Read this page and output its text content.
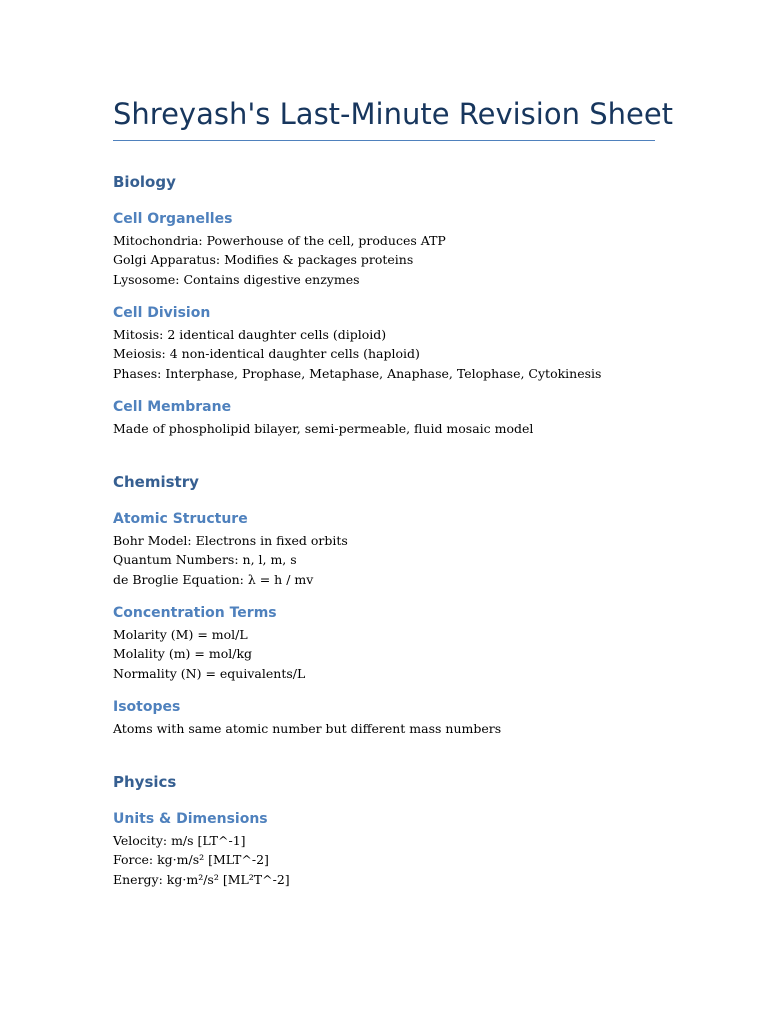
Shreyash's Last-Minute Revision Sheet
Biology
Cell Organelles
Mitochondria: Powerhouse of the cell, produces ATP
Golgi Apparatus: Modifies & packages proteins
Lysosome: Contains digestive enzymes
Cell Division
Mitosis: 2 identical daughter cells (diploid)
Meiosis: 4 non-identical daughter cells (haploid)
Phases: Interphase, Prophase, Metaphase, Anaphase, Telophase, Cytokinesis
Cell Membrane
Made of phospholipid bilayer, semi-permeable, fluid mosaic model
Chemistry
Atomic Structure
Bohr Model: Electrons in fixed orbits
Quantum Numbers: n, l, m, s
de Broglie Equation: λ = h / mv
Concentration Terms
Molarity (M) = mol/L
Molality (m) = mol/kg
Normality (N) = equivalents/L
Isotopes
Atoms with same atomic number but different mass numbers
Physics
Units & Dimensions
Velocity: m/s [LT^-1]
Force: kg·m/s² [MLT^-2]
Energy: kg·m²/s² [ML²T^-2]
